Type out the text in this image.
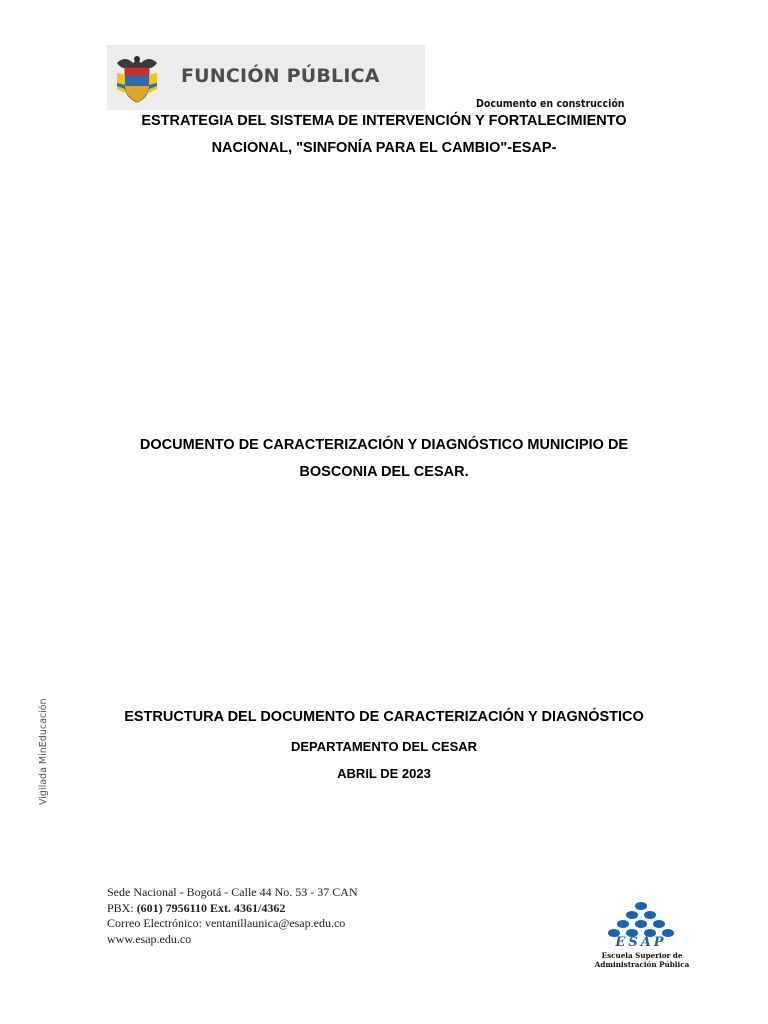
FUNCIÓN PÚBLICA
Documento en construcción
ESTRATEGIA DEL SISTEMA DE INTERVENCIÓN Y FORTALECIMIENTO
NACIONAL, "SINFONÍA PARA EL CAMBIO"-ESAP-
DOCUMENTO DE CARACTERIZACIÓN Y DIAGNÓSTICO MUNICIPIO DE
BOSCONIA DEL CESAR.
ESTRUCTURA DEL DOCUMENTO DE CARACTERIZACIÓN Y DIAGNÓSTICO
DEPARTAMENTO DEL CESAR
ABRIL DE 2023
Vigilada MinEducación
Sede Nacional - Bogotá - Calle 44 No. 53 - 37 CAN
PBX: (601) 7956110 Ext. 4361/4362
Correo Electrónico: ventanillaunica@esap.edu.co
www.esap.edu.co	ESAP
Escuela Superior de
Administración Pública
